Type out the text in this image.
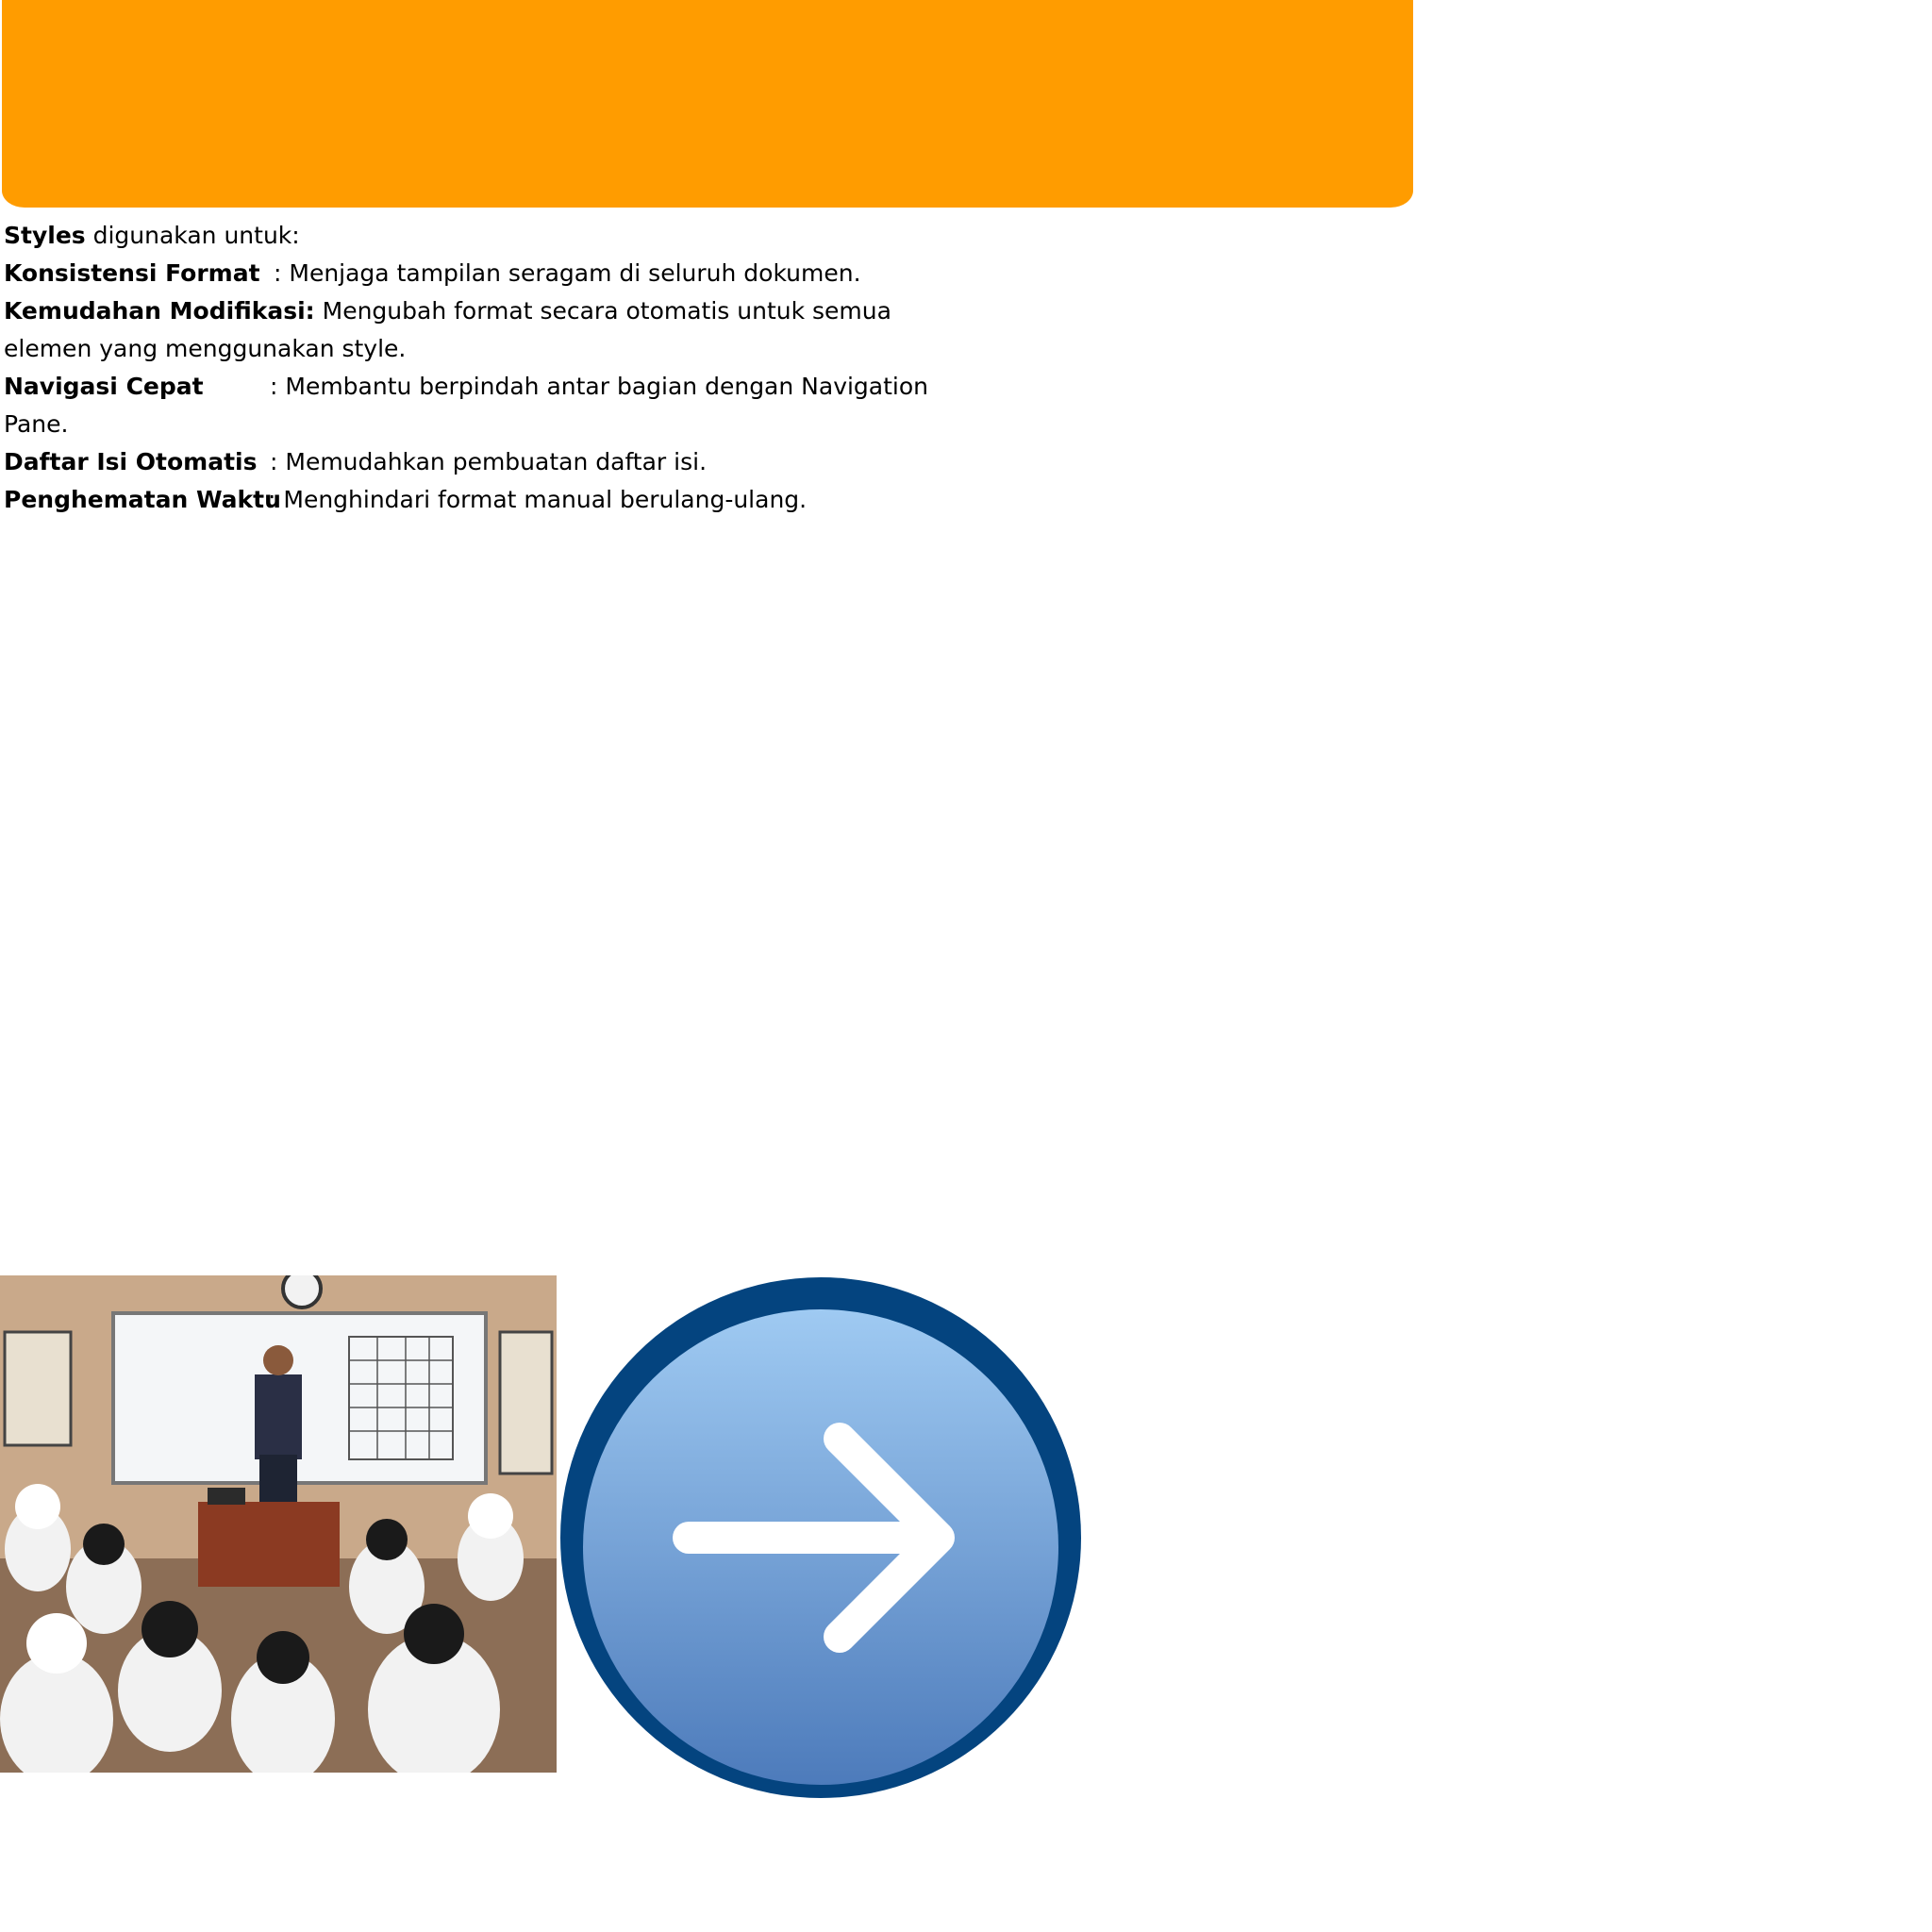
Styles digunakan untuk:
Konsistensi Format : Menjaga tampilan seragam di seluruh dokumen.
Kemudahan Modifikasi: Mengubah format secara otomatis untuk semua
elemen yang menggunakan style.
Navigasi Cepat	: Membantu berpindah antar bagian dengan Navigation
Pane.
Daftar Isi Otomatis : Memudahkan pembuatan daftar isi.
Penghematan Waktu
: Menghindari format manual berulang-ulang.
